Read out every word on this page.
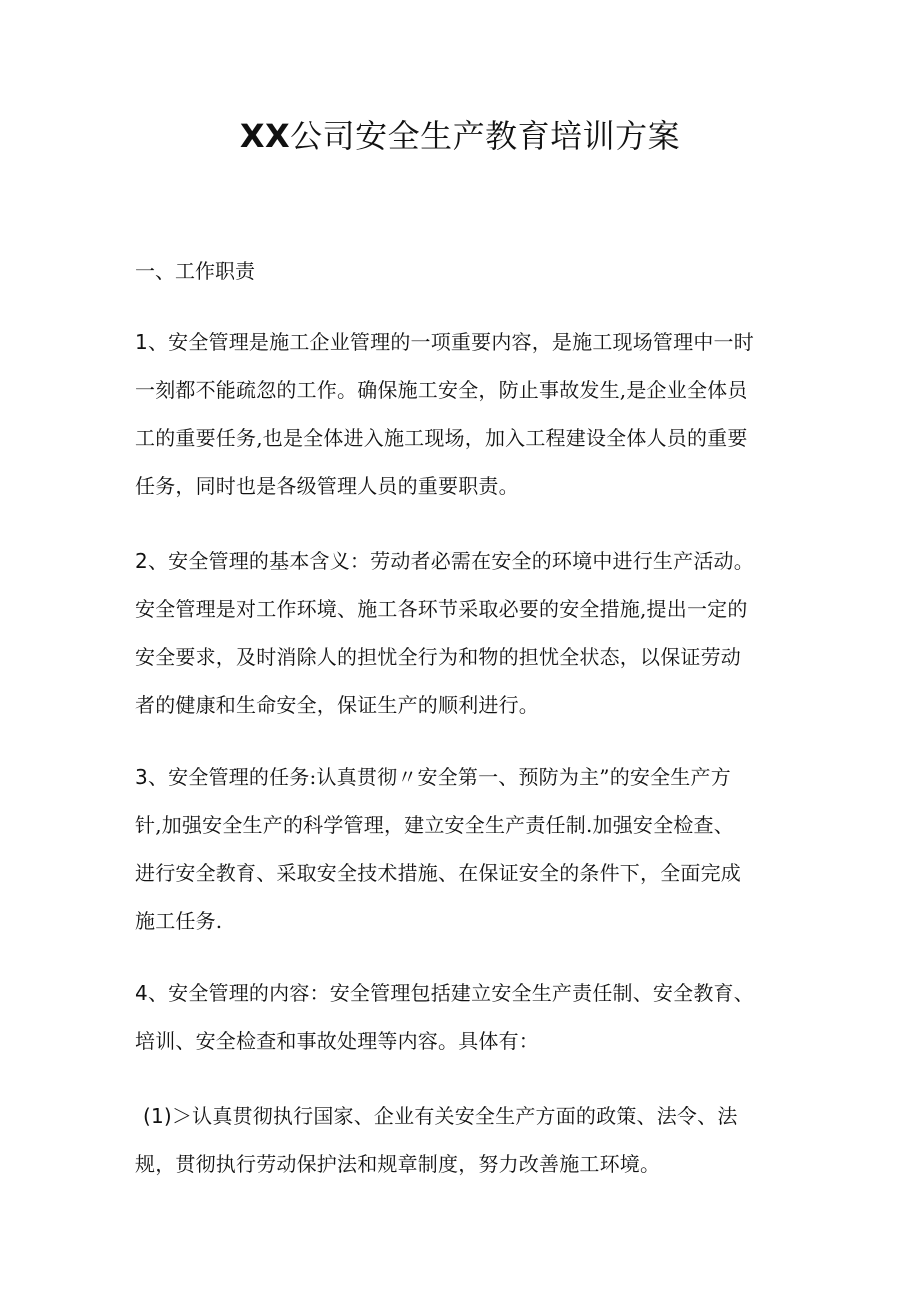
XX公司安全生产教育培训方案
一、工作职责
1、安全管理是施工企业管理的一项重要内容，是施工现场管理中一时
一刻都不能疏忽的工作。确保施工安全，防止事故发生,是企业全体员
工的重要任务,也是全体进入施工现场，加入工程建设全体人员的重要
任务，同时也是各级管理人员的重要职责。
2、安全管理的基本含义：劳动者必需在安全的环境中进行生产活动。
安全管理是对工作环境、施工各环节采取必要的安全措施,提出一定的
安全要求，及时消除人的担忧全行为和物的担忧全状态，以保证劳动
者的健康和生命安全，保证生产的顺利进行。
3、安全管理的任务:认真贯彻〃安全第一、预防为主”的安全生产方
针,加强安全生产的科学管理，建立安全生产责任制.加强安全检查、
进行安全教育、采取安全技术措施、在保证安全的条件下，全面完成
施工任务.
4、安全管理的内容：安全管理包括建立安全生产责任制、安全教育、
培训、安全检查和事故处理等内容。具体有：
(1)＞认真贯彻执行国家、企业有关安全生产方面的政策、法令、法
规，贯彻执行劳动保护法和规章制度，努力改善施工环境。
